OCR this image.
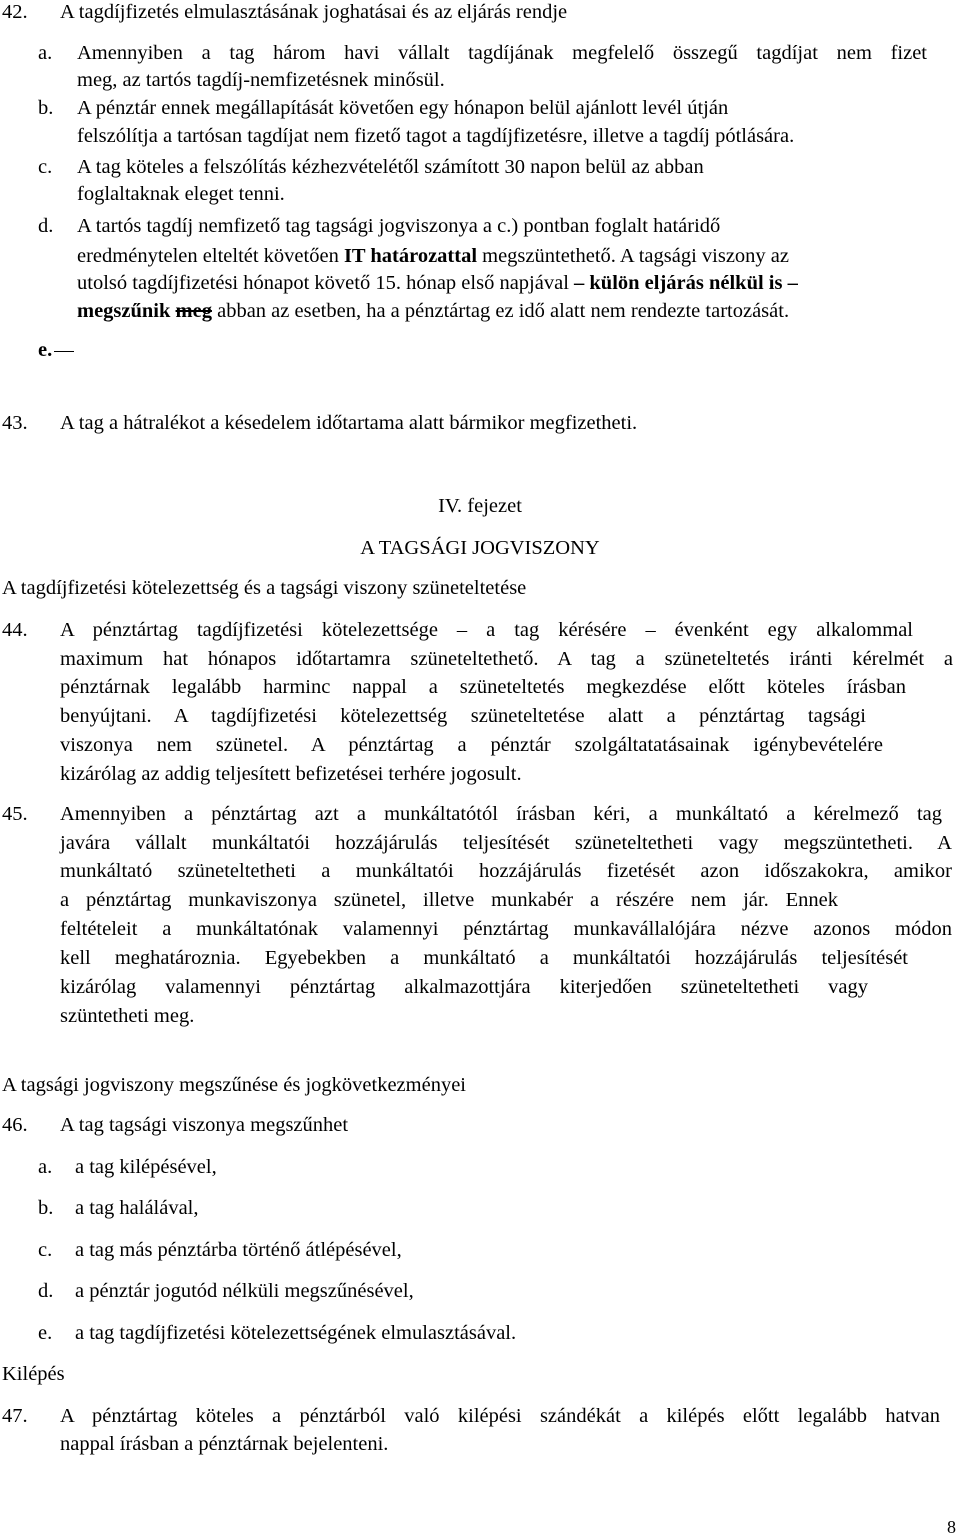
42. A tagdíjfizetés elmulasztásának joghatásai és az eljárás rendje
a. Amennyiben a tag három havi vállalt tagdíjának megfelelő összegű tagdíjat nem fizet
meg, az tartós tagdíj-nemfizetésnek minősül.
b. A pénztár ennek megállapítását követően egy hónapon belül ajánlott levél útján
felszólítja a tartósan tagdíjat nem fizető tagot a tagdíjfizetésre, illetve a tagdíj pótlására.
c. A tag köteles a felszólítás kézhezvételétől számított 30 napon belül az abban
foglaltaknak eleget tenni.
d. A tartós tagdíj nemfizető tag tagsági jogviszonya a c.) pontban foglalt határidő
eredménytelen elteltét követően IT határozattal megszüntethető. A tagsági viszony az
utolsó tagdíjfizetési hónapot követő 15. hónap első napjával – külön eljárás nélkül is –
megszűnik meg abban az esetben, ha a pénztártag ez idő alatt nem rendezte tartozását.
e.
43. A tag a hátralékot a késedelem időtartama alatt bármikor megfizetheti.
IV. fejezet
A TAGSÁGI JOGVISZONY
A tagdíjfizetési kötelezettség és a tagsági viszony szüneteltetése
44. A pénztártag tagdíjfizetési kötelezettsége – a tag kérésére – évenként egy alkalommal
maximum hat hónapos időtartamra szüneteltethető. A tag a szüneteltetés iránti kérelmét a
pénztárnak legalább harminc nappal a szüneteltetés megkezdése előtt köteles írásban
benyújtani. A tagdíjfizetési kötelezettség szüneteltetése alatt a pénztártag tagsági
viszonya nem szünetel. A pénztártag a pénztár szolgáltatatásainak igénybevételére
kizárólag az addig teljesített befizetései terhére jogosult.
45. Amennyiben a pénztártag azt a munkáltatótól írásban kéri, a munkáltató a kérelmező tag
javára vállalt munkáltatói hozzájárulás teljesítését szüneteltetheti vagy megszüntetheti. A
munkáltató szüneteltetheti a munkáltatói hozzájárulás fizetését azon időszakokra, amikor
a pénztártag munkaviszonya szünetel, illetve munkabér a részére nem jár. Ennek
feltételeit a munkáltatónak valamennyi pénztártag munkavállalójára nézve azonos módon
kell meghatároznia. Egyebekben a munkáltató a munkáltatói hozzájárulás teljesítését
kizárólag valamennyi pénztártag alkalmazottjára kiterjedően szüneteltetheti vagy
szüntetheti meg.
A tagsági jogviszony megszűnése és jogkövetkezményei
46. A tag tagsági viszonya megszűnhet
a. a tag kilépésével,
b. a tag halálával,
c. a tag más pénztárba történő átlépésével,
d. a pénztár jogutód nélküli megszűnésével,
e. a tag tagdíjfizetési kötelezettségének elmulasztásával.
Kilépés
47. A pénztártag köteles a pénztárból való kilépési szándékát a kilépés előtt legalább hatvan
nappal írásban a pénztárnak bejelenteni.
8
